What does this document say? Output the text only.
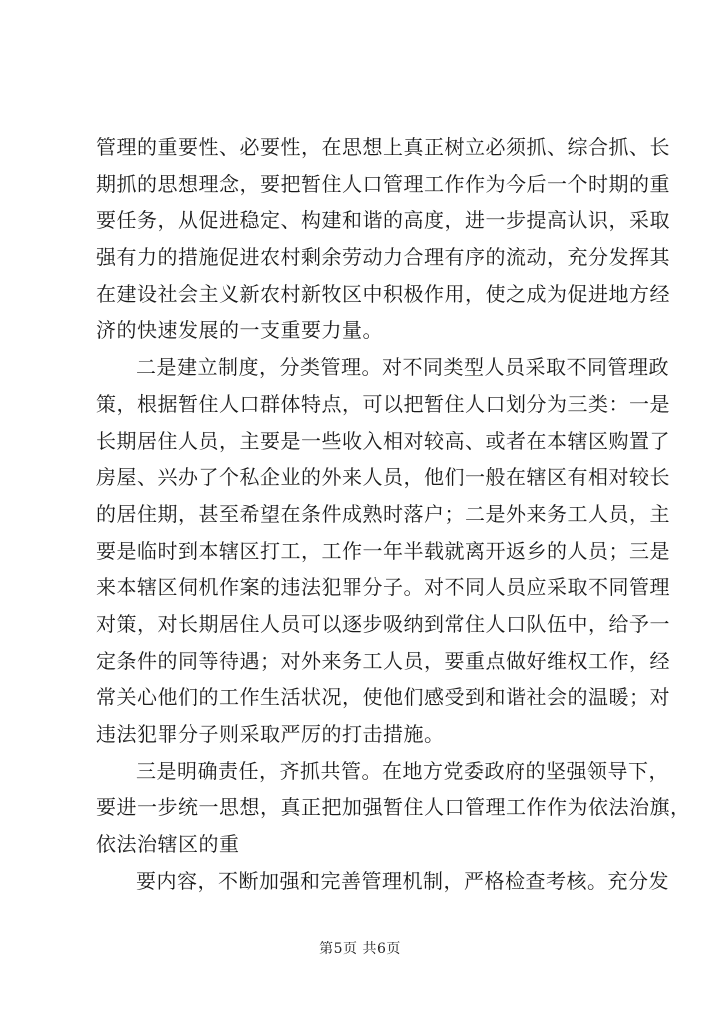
管理的重要性、必要性，在思想上真正树立必须抓、综合抓、长
期抓的思想理念，要把暂住人口管理工作作为今后一个时期的重
要任务，从促进稳定、构建和谐的高度，进一步提高认识，采取
强有力的措施促进农村剩余劳动力合理有序的流动，充分发挥其
在建设社会主义新农村新牧区中积极作用，使之成为促进地方经
济的快速发展的一支重要力量。
二是建立制度，分类管理。对不同类型人员采取不同管理政
策，根据暂住人口群体特点，可以把暂住人口划分为三类：一是
长期居住人员，主要是一些收入相对较高、或者在本辖区购置了
房屋、兴办了个私企业的外来人员，他们一般在辖区有相对较长
的居住期，甚至希望在条件成熟时落户；二是外来务工人员，主
要是临时到本辖区打工，工作一年半载就离开返乡的人员；三是
来本辖区伺机作案的违法犯罪分子。对不同人员应采取不同管理
对策，对长期居住人员可以逐步吸纳到常住人口队伍中，给予一
定条件的同等待遇；对外来务工人员，要重点做好维权工作，经
常关心他们的工作生活状况，使他们感受到和谐社会的温暖；对
违法犯罪分子则采取严厉的打击措施。
三是明确责任，齐抓共管。在地方党委政府的坚强领导下，
要进一步统一思想，真正把加强暂住人口管理工作作为依法治旗，
依法治辖区的重
要内容，不断加强和完善管理机制，严格检查考核。充分发
第5页 共6页
